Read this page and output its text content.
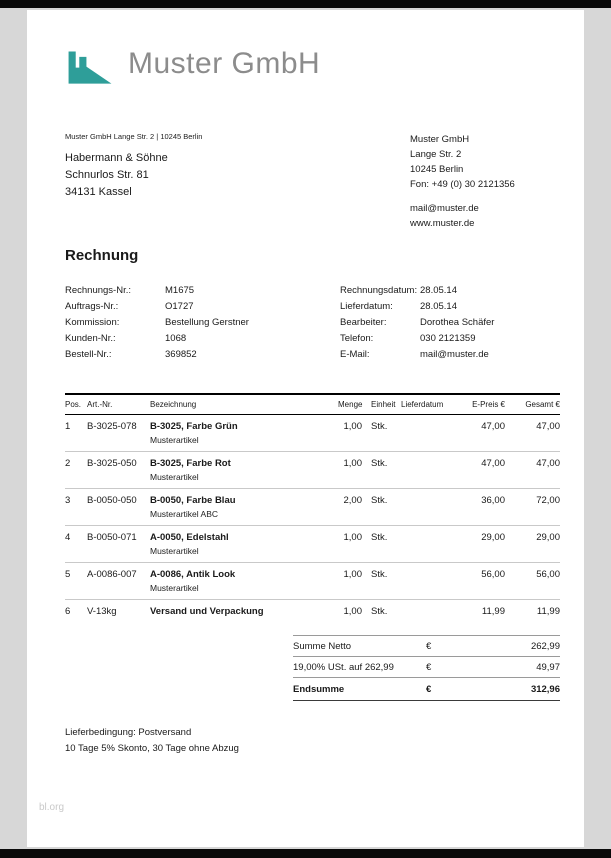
Muster GmbH
Muster GmbH Lange Str. 2 | 10245 Berlin
Habermann & Söhne
Schnurlos Str. 81
34131 Kassel
Muster GmbH
Lange Str. 2
10245 Berlin
Fon: +49 (0) 30 2121356
mail@muster.de
www.muster.de
Rechnung
Rechnungs-Nr.:	M1675
Auftrags-Nr.:	O1727
Kommission:	Bestellung Gerstner
Kunden-Nr.:	1068
Bestell-Nr.:	369852
Rechnungsdatum: 28.05.14
Lieferdatum:	28.05.14
Bearbeiter:	Dorothea Schäfer
Telefon:	030 2121359
E-Mail:	mail@muster.de
Pos.	Art.-Nr.	Bezeichnung	Menge	Einheit	Lieferdatum	E-Preis €	Gesamt €
1	B-3025-078	B-3025, Farbe Grün
Musterartikel	1,00	Stk.		47,00	47,00
2	B-3025-050	B-3025, Farbe Rot
Musterartikel	1,00	Stk.		47,00	47,00
3	B-0050-050	B-0050, Farbe Blau
Musterartikel ABC	2,00	Stk.		36,00	72,00
4	B-0050-071	A-0050, Edelstahl
Musterartikel	1,00	Stk.		29,00	29,00
5	A-0086-007	A-0086, Antik Look
Musterartikel	1,00	Stk.		56,00	56,00
6	V-13kg	Versand und Verpackung	1,00	Stk.		11,99	11,99
Summe Netto	€	262,99
19,00% USt. auf 262,99	€	49,97
Endsumme	€	312,96
Lieferbedingung: Postversand
10 Tage 5% Skonto, 30 Tage ohne Abzug
bl.org
